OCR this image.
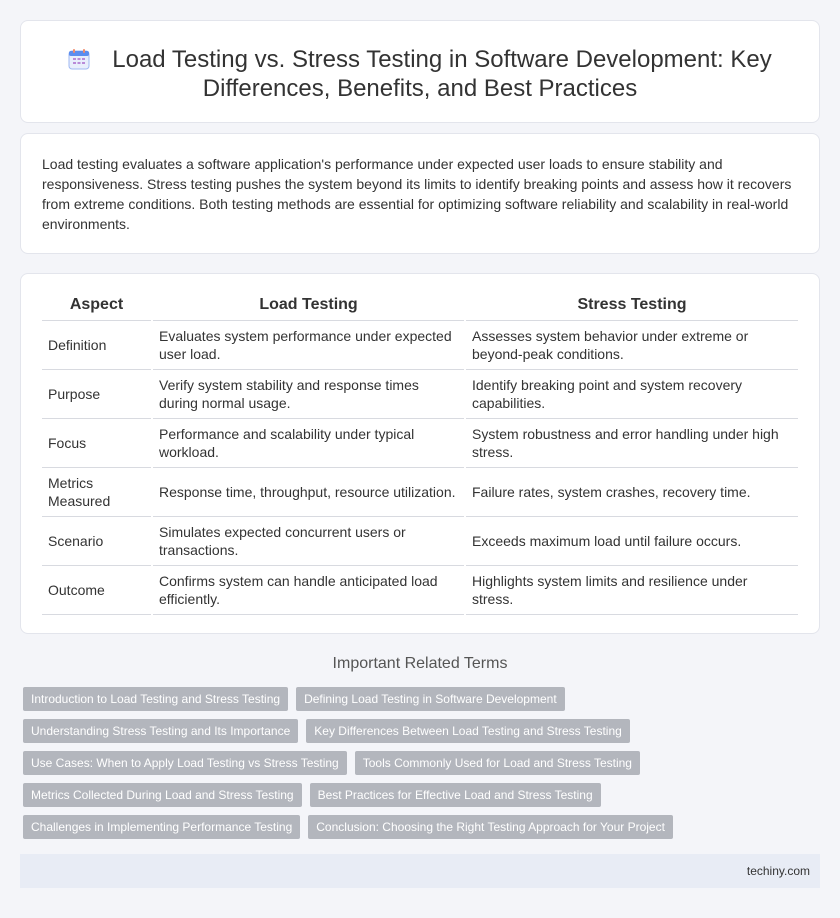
Load Testing vs. Stress Testing in Software Development: Key Differences, Benefits, and Best Practices

Load testing evaluates a software application's performance under expected user loads to ensure stability and responsiveness. Stress testing pushes the system beyond its limits to identify breaking points and assess how it recovers from extreme conditions. Both testing methods are essential for optimizing software reliability and scalability in real-world environments.

Aspect	Load Testing	Stress Testing
Definition	Evaluates system performance under expected user load.	Assesses system behavior under extreme or beyond-peak conditions.
Purpose	Verify system stability and response times during normal usage.	Identify breaking point and system recovery capabilities.
Focus	Performance and scalability under typical workload.	System robustness and error handling under high stress.
Metrics Measured	Response time, throughput, resource utilization.	Failure rates, system crashes, recovery time.
Scenario	Simulates expected concurrent users or transactions.	Exceeds maximum load until failure occurs.
Outcome	Confirms system can handle anticipated load efficiently.	Highlights system limits and resilience under stress.
Important Related Terms
Introduction to Load Testing and Stress Testing	Defining Load Testing in Software Development
Understanding Stress Testing and Its Importance	Key Differences Between Load Testing and Stress Testing
Use Cases: When to Apply Load Testing vs Stress Testing	Tools Commonly Used for Load and Stress Testing
Metrics Collected During Load and Stress Testing	Best Practices for Effective Load and Stress Testing
Challenges in Implementing Performance Testing	Conclusion: Choosing the Right Testing Approach for Your Project
techiny.com
